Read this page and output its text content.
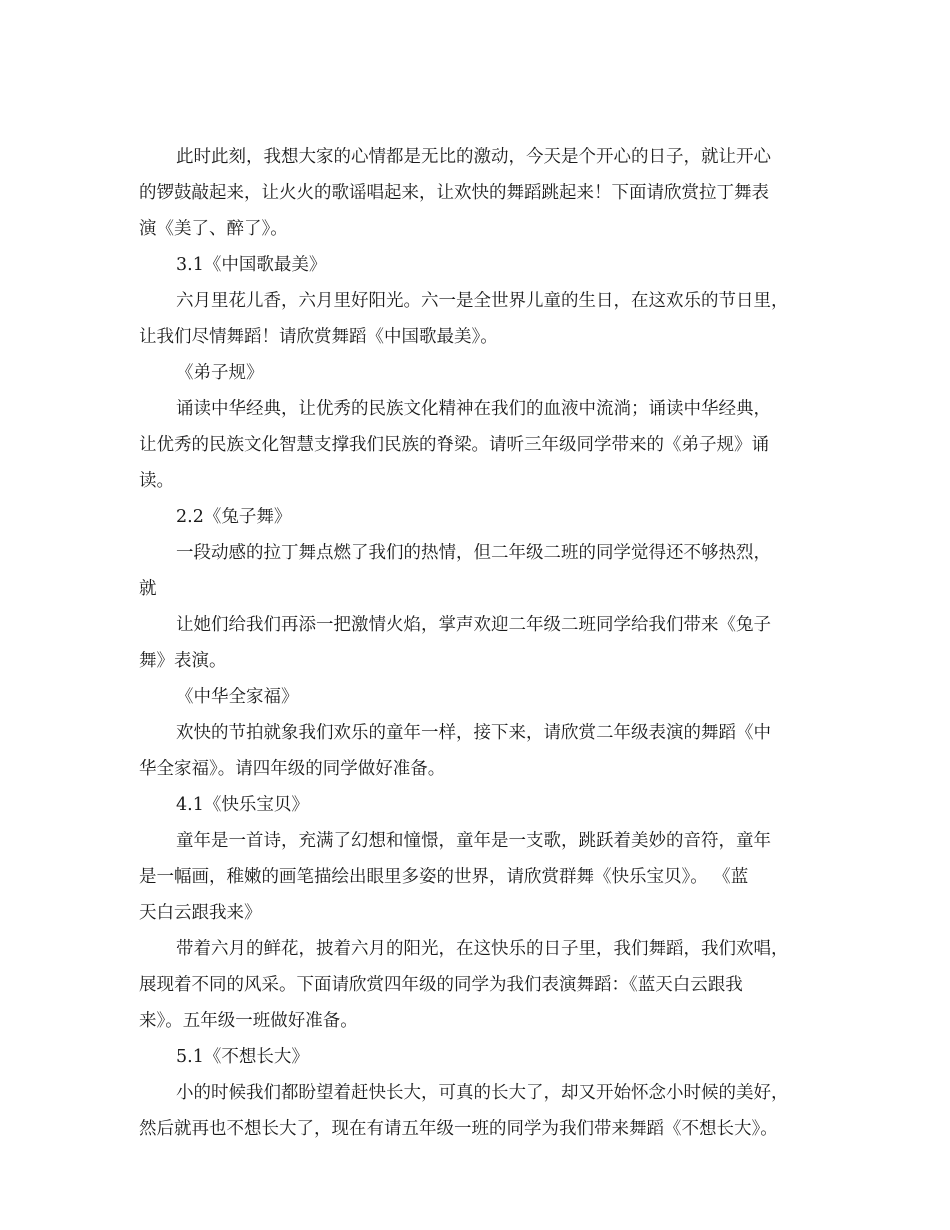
此时此刻，我想大家的心情都是无比的激动，今天是个开心的日子，就让开心
的锣鼓敲起来，让火火的歌谣唱起来，让欢快的舞蹈跳起来！下面请欣赏拉丁舞表
演《美了、醉了》。
3.1《中国歌最美》
六月里花儿香，六月里好阳光。六一是全世界儿童的生日，在这欢乐的节日里，
让我们尽情舞蹈！请欣赏舞蹈《中国歌最美》。
《弟子规》
诵读中华经典，让优秀的民族文化精神在我们的血液中流淌；诵读中华经典，
让优秀的民族文化智慧支撑我们民族的脊梁。请听三年级同学带来的《弟子规》诵
读。
2.2《兔子舞》
一段动感的拉丁舞点燃了我们的热情，但二年级二班的同学觉得还不够热烈，
就
让她们给我们再添一把激情火焰，掌声欢迎二年级二班同学给我们带来《兔子
舞》表演。
《中华全家福》
欢快的节拍就象我们欢乐的童年一样，接下来，请欣赏二年级表演的舞蹈《中
华全家福》。请四年级的同学做好准备。
4.1《快乐宝贝》
童年是一首诗，充满了幻想和憧憬，童年是一支歌，跳跃着美妙的音符，童年
是一幅画，稚嫩的画笔描绘出眼里多姿的世界，请欣赏群舞《快乐宝贝》。 《蓝
天白云跟我来》
带着六月的鲜花，披着六月的阳光，在这快乐的日子里，我们舞蹈，我们欢唱，
展现着不同的风采。下面请欣赏四年级的同学为我们表演舞蹈：《蓝天白云跟我
来》。五年级一班做好准备。
5.1《不想长大》
小的时候我们都盼望着赶快长大，可真的长大了，却又开始怀念小时候的美好，
然后就再也不想长大了，现在有请五年级一班的同学为我们带来舞蹈《不想长大》。
